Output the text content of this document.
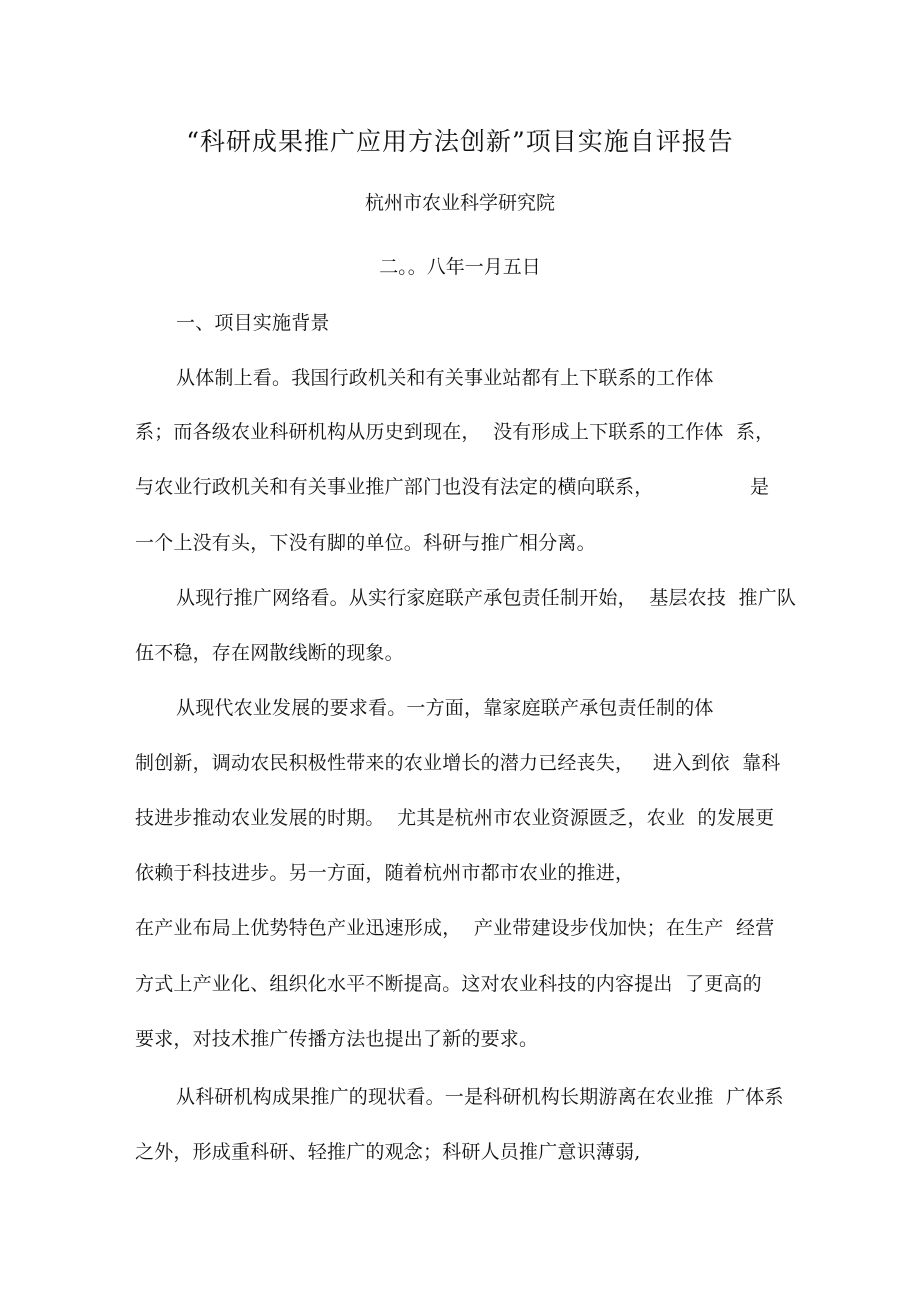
“科研成果推广应用方法创新”项目实施自评报告
杭州市农业科学研究院
二。。八年一月五日
一、项目实施背景
从体制上看。我国行政机关和有关事业站都有上下联系的工作体
系；而各级农业科研机构从历史到现在，  没有形成上下联系的工作体  系，
与农业行政机关和有关事业推广部门也没有法定的横向联系，	是
一个上没有头，下没有脚的单位。科研与推广相分离。
从现行推广网络看。从实行家庭联产承包责任制开始，  基层农技  推广队
伍不稳，存在网散线断的现象。
从现代农业发展的要求看。一方面，靠家庭联产承包责任制的体
制创新，调动农民积极性带来的农业增长的潜力已经丧失，   进入到依  靠科
技进步推动农业发展的时期。  尤其是杭州市农业资源匮乏，农业  的发展更
依赖于科技进步。另一方面，随着杭州市都市农业的推进，
在产业布局上优势特色产业迅速形成，  产业带建设步伐加快；在生产  经营
方式上产业化、组织化水平不断提高。这对农业科技的内容提出  了更高的
要求，对技术推广传播方法也提出了新的要求。
从科研机构成果推广的现状看。一是科研机构长期游离在农业推  广体系
之外，形成重科研、轻推广的观念；科研人员推广意识薄弱,
